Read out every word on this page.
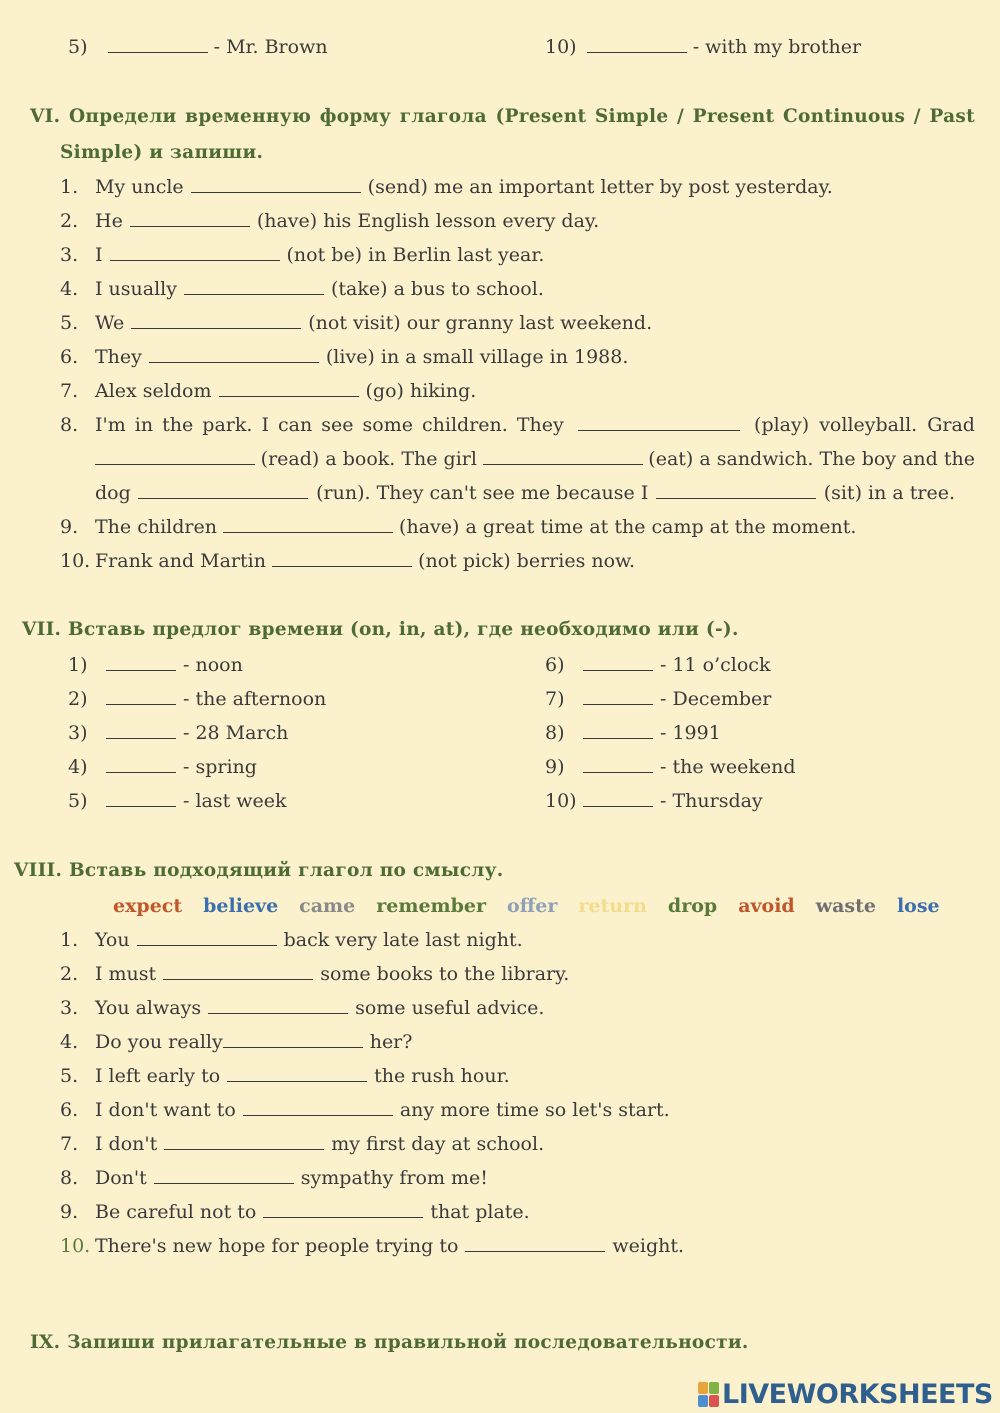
5)	- Mr. Brown	10)	- with my brother
VI. Определи временную форму глагола (Present Simple / Present Continuous / Past
Simple) и запиши.
1. My uncle	(send) me an important letter by post yesterday.
2. He	(have) his English lesson every day.
3. I	(not be) in Berlin last year.
4. I usually	(take) a bus to school.
5. We	(not visit) our granny last weekend.
6. They	(live) in a small village in 1988.
7. Alex seldom	(go) hiking.
8. I'm in the park. I can see some children. They	(play) volleyball. Grad
(read) a book. The girl	(eat) a sandwich. The boy and the
dog	(run). They can't see me because I	(sit) in a tree.
9. The children	(have) a great time at the camp at the moment.
10. Frank and Martin	(not pick) berries now.
VII. Вставь предлог времени (on, in, at), где необходимо или (-).
1)	- noon
2)	- the afternoon
3)	- 28 March
4)	- spring
5)	- last week
6)	- 11 o’clock
7)	- December
8)	- 1991
9)	- the weekend
10)	- Thursday
VIII. Вставь подходящий глагол по смыслу.
expect believe came remember offer return drop avoid waste lose
1. You	back very late last night.
2. I must	some books to the library.
3. You always	some useful advice.
4. Do you really	her?
5. I left early to	the rush hour.
6. I don't want to	any more time so let's start.
7. I don't	my first day at school.
8. Don't	sympathy from me!
9. Be careful not to	that plate.
10. There's new hope for people trying to	weight.
IX. Запиши прилагательные в правильной последовательности.
LIVEWORKSHEETS
